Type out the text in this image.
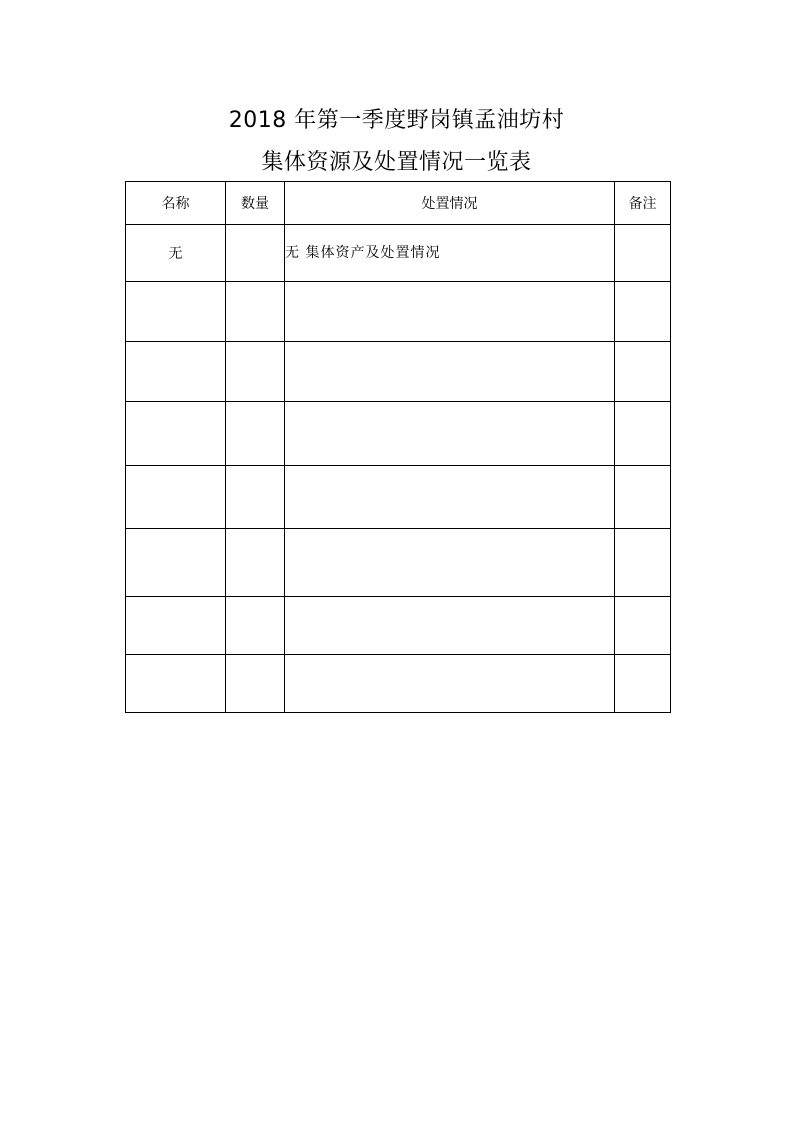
2018 年第一季度野岗镇孟油坊村
集体资源及处置情况一览表
名称	数量	处置情况	备注
无		无 集体资产及处置情况	
